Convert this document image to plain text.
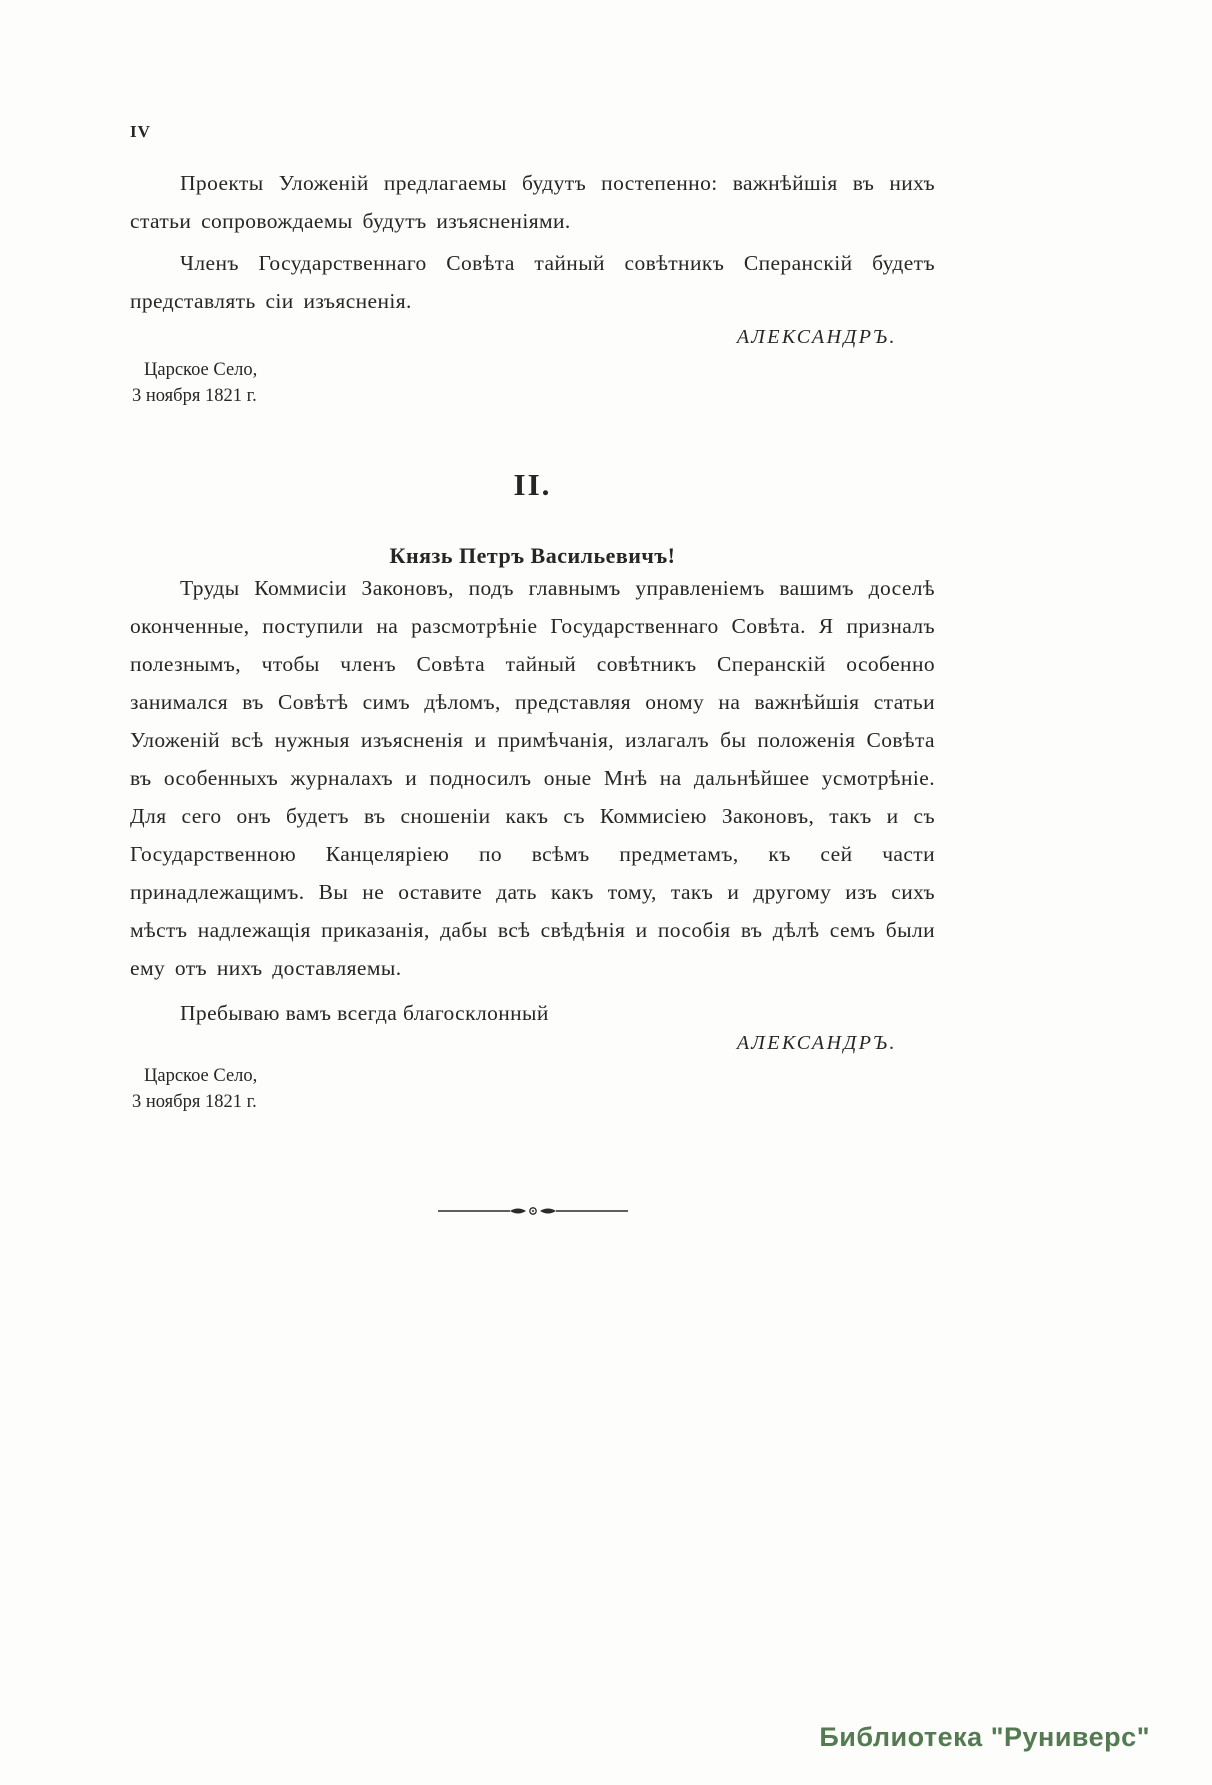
IV

Проекты Уложеній предлагаемы будутъ постепенно: важнѣйшія въ нихъ статьи сопровождаемы будутъ изъясненіями.

Членъ Государственнаго Совѣта тайный совѣтникъ Сперанскій будетъ представлять сіи изъясненія.

АЛЕКСАНДРЪ.
Царское Село,
3 ноября 1821 г.
II.
Князь Петръ Васильевичъ!

Труды Коммисіи Законовъ, подъ главнымъ управленіемъ вашимъ доселѣ оконченные, поступили на разсмотрѣніе Государственнаго Совѣта. Я призналъ полезнымъ, чтобы членъ Совѣта тайный совѣтникъ Сперанскій особенно занимался въ Совѣтѣ симъ дѣломъ, представляя оному на важнѣйшія статьи Уложеній всѣ нужныя изъясненія и примѣчанія, излагалъ бы положенія Совѣта въ особенныхъ журналахъ и подносилъ оные Мнѣ на дальнѣйшее усмотрѣніе. Для сего онъ будетъ въ сношеніи какъ съ Коммисіею Законовъ, такъ и съ Государственною Канцеляріею по всѣмъ предметамъ, къ сей части принадлежащимъ. Вы не оставите дать какъ тому, такъ и другому изъ сихъ мѣстъ надлежащія приказанія, дабы всѣ свѣдѣнія и пособія въ дѣлѣ семъ были ему отъ нихъ доставляемы.

Пребываю вамъ всегда благосклонный
АЛЕКСАНДРЪ.
Царское Село,
3 ноября 1821 г.
Библиотека "Руниверс"
